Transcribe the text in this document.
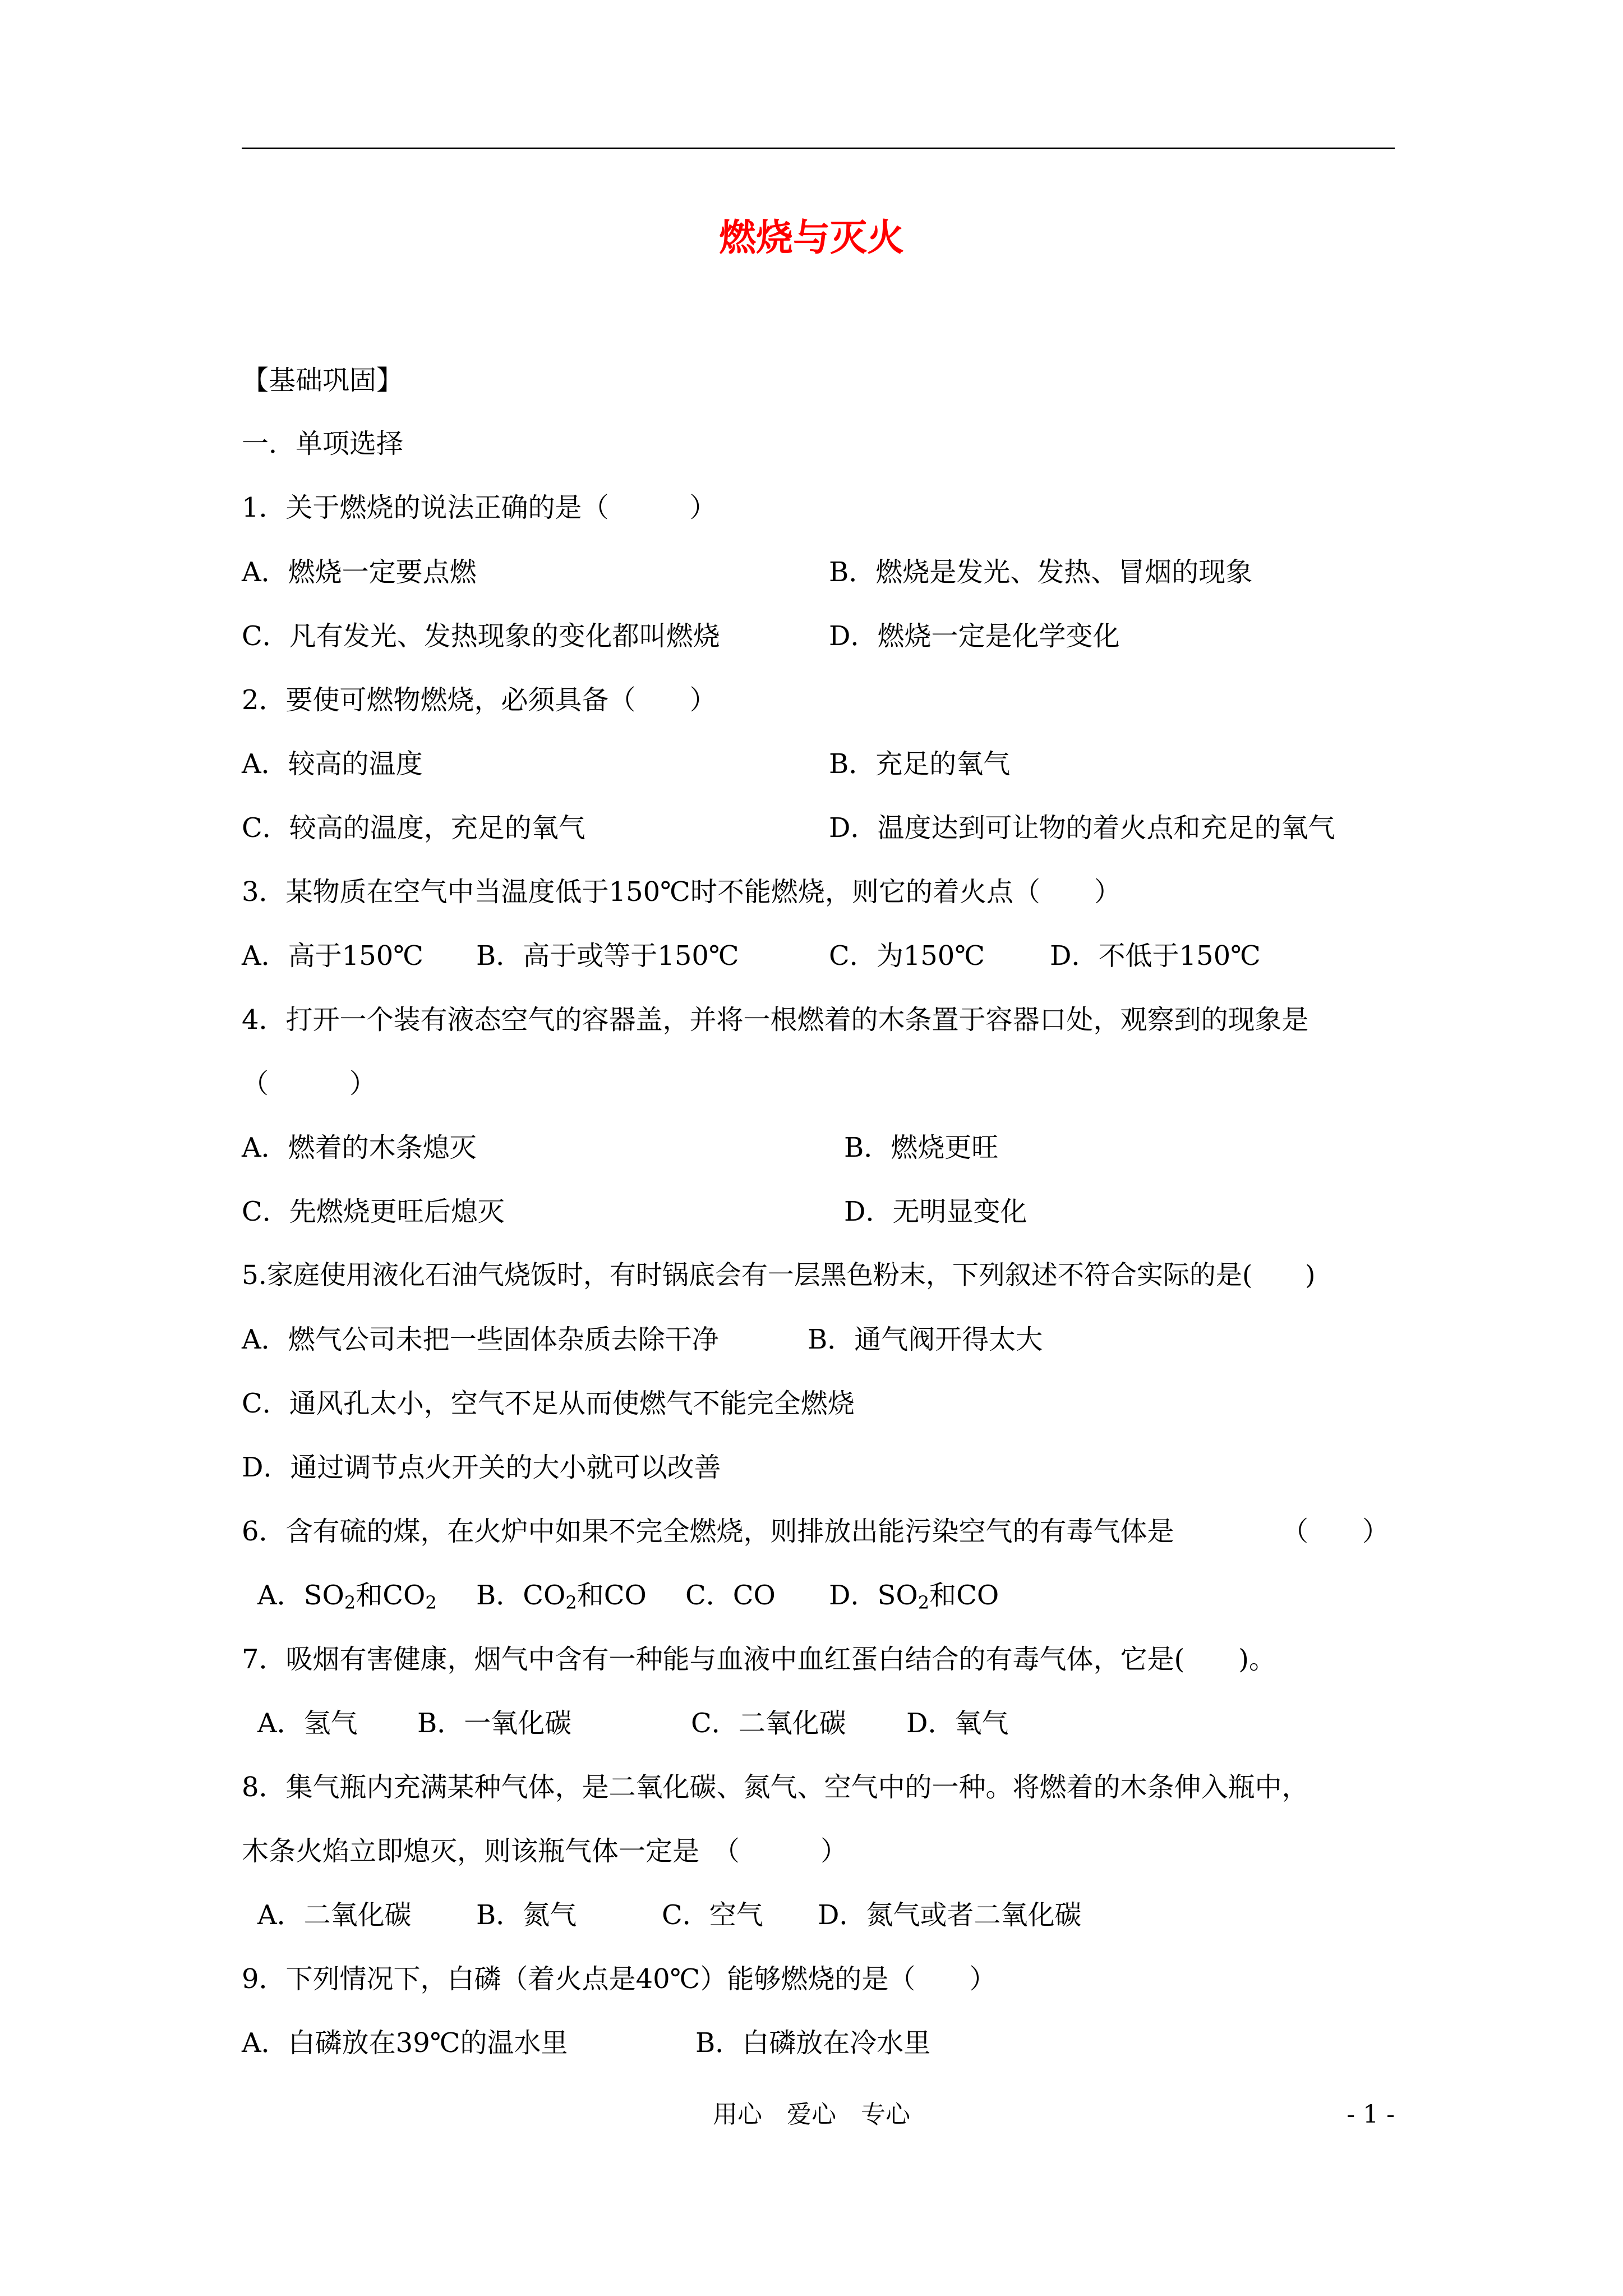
燃烧与灭火
【基础巩固】
一．单项选择
1．关于燃烧的说法正确的是（　　　）
A．燃烧一定要点燃	B．燃烧是发光、发热、冒烟的现象
C．凡有发光、发热现象的变化都叫燃烧	D．燃烧一定是化学变化
2．要使可燃物燃烧，必须具备（　　）
A．较高的温度	B．充足的氧气
C．较高的温度，充足的氧气	D．温度达到可让物的着火点和充足的氧气
3．某物质在空气中当温度低于150℃时不能燃烧，则它的着火点（　　）
A．高于150℃ B．高于或等于150℃	C．为150℃ D．不低于150℃
4．打开一个装有液态空气的容器盖，并将一根燃着的木条置于容器口处，观察到的现象是
（　　　）
A．燃着的木条熄灭	B．燃烧更旺
C．先燃烧更旺后熄灭	D．无明显变化
5.家庭使用液化石油气烧饭时，有时锅底会有一层黑色粉末，下列叙述不符合实际的是(　　)
A．燃气公司未把一些固体杂质去除干净	B．通气阀开得太大
C．通风孔太小，空气不足从而使燃气不能完全燃烧
D．通过调节点火开关的大小就可以改善
6．含有硫的煤，在火炉中如果不完全燃烧，则排放出能污染空气的有毒气体是	（　　）
A．$SO_2$和$CO_2$ B．$CO_2$和CO C．CO D．$SO_2$和CO
7．吸烟有害健康，烟气中含有一种能与血液中血红蛋白结合的有毒气体，它是(　　)。
A．氢气 B．一氧化碳	C．二氧化碳 D．氧气
8．集气瓶内充满某种气体，是二氧化碳、氮气、空气中的一种。将燃着的木条伸入瓶中，
木条火焰立即熄灭，则该瓶气体一定是　（　　　）
A．二氧化碳 B．氮气	C．空气 D．氮气或者二氧化碳
9．下列情况下，白磷（着火点是40℃）能够燃烧的是（　　）
A．白磷放在39℃的温水里	B．白磷放在冷水里
用心　爱心　专心	- 1 -
